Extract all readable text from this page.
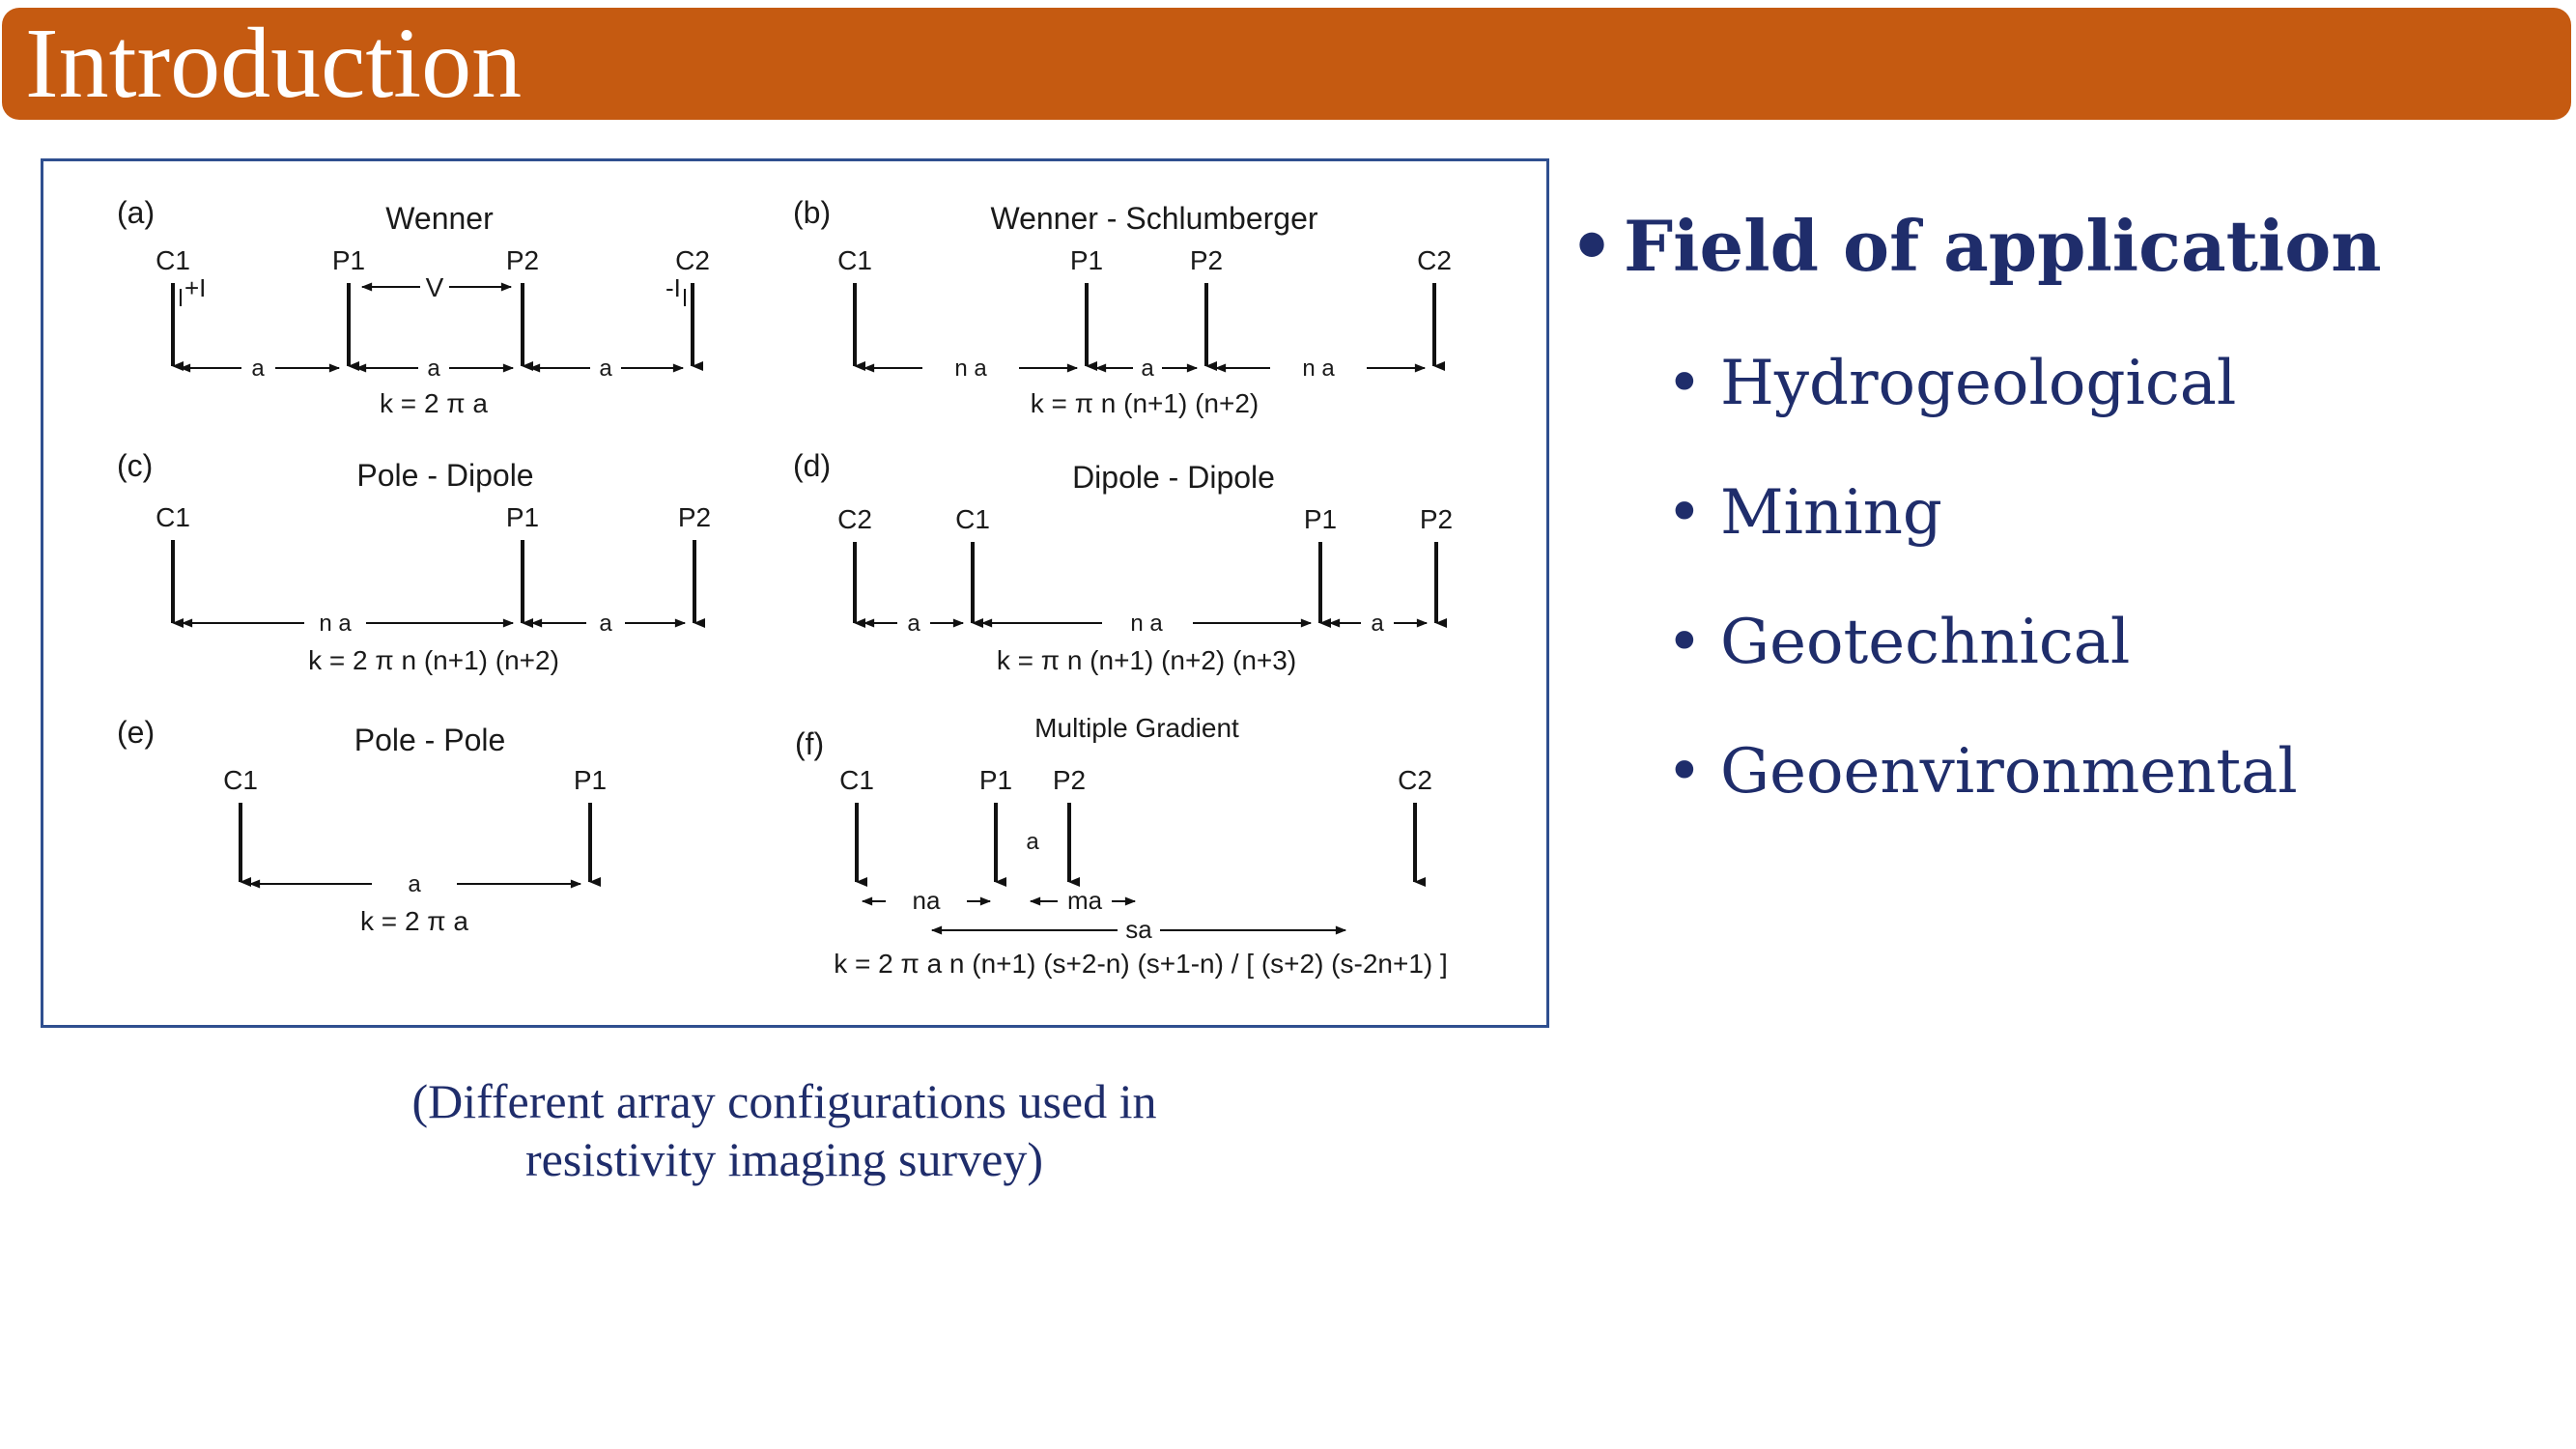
Introduction
(a)	Wenner
C1	P1	P2	C2
+I	-I
V
a	a	a
k = 2 π a
(b)	Wenner - Schlumberger
C1	P1	P2	C2
n a	a	n a
k = π n (n+1) (n+2)
(c)	Pole - Dipole
C1	P1	P2
n a	a
k = 2 π n (n+1) (n+2)
(d)	Dipole - Dipole
C2	C1	P1	P2
a	n a	a
k = π n (n+1) (n+2) (n+3)
(e)	Pole - Pole
C1	P1
a
k = 2 π a
(f)	Multiple Gradient
C1	P1 P2	C2
a
na	ma
sa
k = 2 π a n (n+1) (s+2-n) (s+1-n) / [ (s+2) (s-2n+1) ]
(Different array configurations used in
resistivity imaging survey)
• Field of application
• Hydrogeological
• Mining
• Geotechnical
• Geoenvironmental
